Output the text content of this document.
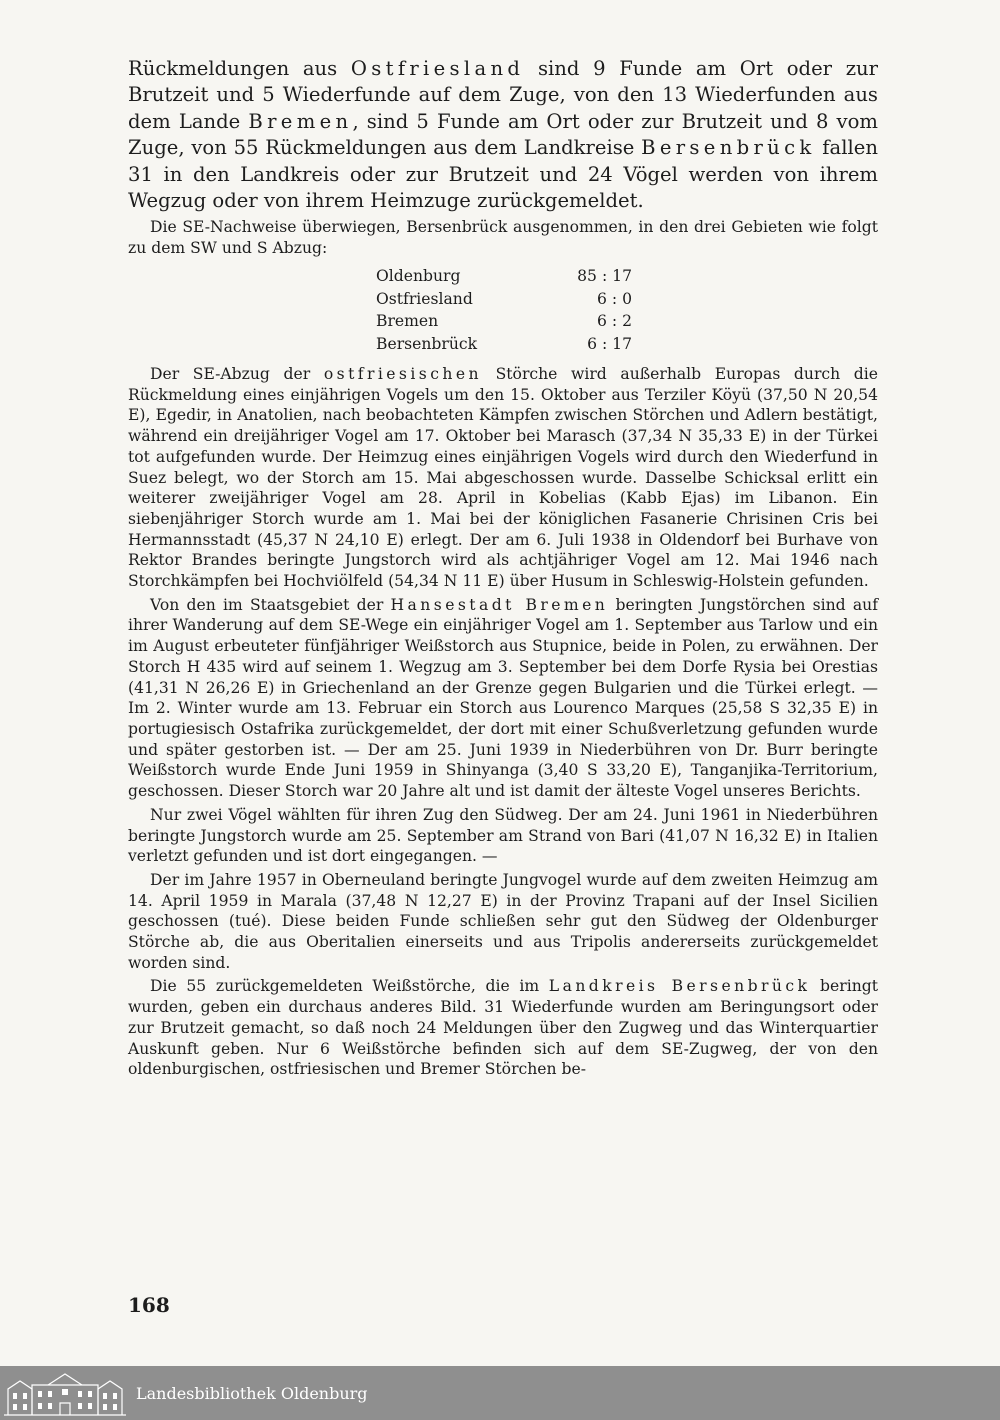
Rückmeldungen aus Ostfriesland sind 9 Funde am Ort oder zur Brutzeit und 5 Wiederfunde auf dem Zuge, von den 13 Wiederfunden aus dem Lande Bremen, sind 5 Funde am Ort oder zur Brutzeit und 8 vom Zuge, von 55 Rückmeldungen aus dem Landkreise Bersenbrück fallen 31 in den Landkreis oder zur Brutzeit und 24 Vögel werden von ihrem Wegzug oder von ihrem Heimzuge zurückgemeldet.

Die SE-Nachweise überwiegen, Bersenbrück ausgenommen, in den drei Gebieten wie folgt zu dem SW und S Abzug:

Oldenburg	85 : 17
Ostfriesland	6 : 0
Bremen	6 : 2
Bersenbrück	6 : 17

Der SE-Abzug der ostfriesischen Störche wird außerhalb Europas durch die Rückmeldung eines einjährigen Vogels um den 15. Oktober aus Terziler Köyü (37,50 N 20,54 E), Egedir, in Anatolien, nach beobachteten Kämpfen zwischen Störchen und Adlern bestätigt, während ein dreijähriger Vogel am 17. Oktober bei Marasch (37,34 N 35,33 E) in der Türkei tot aufgefunden wurde. Der Heimzug eines einjährigen Vogels wird durch den Wiederfund in Suez belegt, wo der Storch am 15. Mai abgeschossen wurde. Dasselbe Schicksal erlitt ein weiterer zweijähriger Vogel am 28. April in Kobelias (Kabb Ejas) im Libanon. Ein siebenjähriger Storch wurde am 1. Mai bei der königlichen Fasanerie Chrisinen Cris bei Hermannsstadt (45,37 N 24,10 E) erlegt. Der am 6. Juli 1938 in Oldendorf bei Burhave von Rektor Brandes beringte Jungstorch wird als achtjähriger Vogel am 12. Mai 1946 nach Storchkämpfen bei Hochviölfeld (54,34 N 11 E) über Husum in Schleswig-Holstein gefunden.

Von den im Staatsgebiet der Hansestadt Bremen beringten Jungstörchen sind auf ihrer Wanderung auf dem SE-Wege ein einjähriger Vogel am 1. September aus Tarlow und ein im August erbeuteter fünfjähriger Weißstorch aus Stupnice, beide in Polen, zu erwähnen. Der Storch H 435 wird auf seinem 1. Wegzug am 3. September bei dem Dorfe Rysia bei Orestias (41,31 N 26,26 E) in Griechenland an der Grenze gegen Bulgarien und die Türkei erlegt. — Im 2. Winter wurde am 13. Februar ein Storch aus Lourenco Marques (25,58 S 32,35 E) in portugiesisch Ostafrika zurückgemeldet, der dort mit einer Schußverletzung gefunden wurde und später gestorben ist. — Der am 25. Juni 1939 in Niederbühren von Dr. Burr beringte Weißstorch wurde Ende Juni 1959 in Shinyanga (3,40 S 33,20 E), Tanganjika-Territorium, geschossen. Dieser Storch war 20 Jahre alt und ist damit der älteste Vogel unseres Berichts.

Nur zwei Vögel wählten für ihren Zug den Südweg. Der am 24. Juni 1961 in Niederbühren beringte Jungstorch wurde am 25. September am Strand von Bari (41,07 N 16,32 E) in Italien verletzt gefunden und ist dort eingegangen. —

Der im Jahre 1957 in Oberneuland beringte Jungvogel wurde auf dem zweiten Heimzug am 14. April 1959 in Marala (37,48 N 12,27 E) in der Provinz Trapani auf der Insel Sicilien geschossen (tué). Diese beiden Funde schließen sehr gut den Südweg der Oldenburger Störche ab, die aus Oberitalien einerseits und aus Tripolis andererseits zurückgemeldet worden sind.

Die 55 zurückgemeldeten Weißstörche, die im Landkreis Bersenbrück beringt wurden, geben ein durchaus anderes Bild. 31 Wiederfunde wurden am Beringungsort oder zur Brutzeit gemacht, so daß noch 24 Meldungen über den Zugweg und das Winterquartier Auskunft geben. Nur 6 Weißstörche befinden sich auf dem SE-Zugweg, der von den oldenburgischen, ostfriesischen und Bremer Störchen be-

168
Landesbibliothek Oldenburg
